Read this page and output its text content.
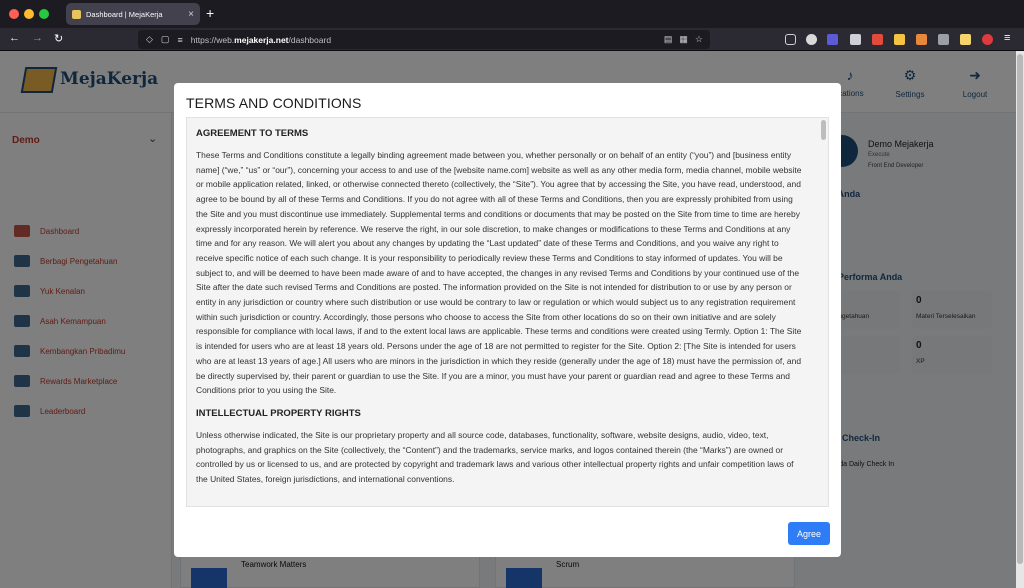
Dashboard | MejaKerja	× +
← → ↻	◇ ▢ ≡ https://web.mejakerja.net/dashboard	▤ ▦ ☆	≡
TERMS AND CONDITIONS
AGREEMENT TO TERMS

These Terms and Conditions constitute a legally binding agreement made between you, whether personally or on behalf of an entity (“you”) and [business entity name] (“we,” “us” or “our”), concerning your access to and use of the [website name.com] website as well as any other media form, media channel, mobile website or mobile application related, linked, or otherwise connected thereto (collectively, the “Site”). You agree that by accessing the Site, you have read, understood, and agree to be bound by all of these Terms and Conditions. If you do not agree with all of these Terms and Conditions, then you are expressly prohibited from using the Site and you must discontinue use immediately. Supplemental terms and conditions or documents that may be posted on the Site from time to time are hereby expressly incorporated herein by reference. We reserve the right, in our sole discretion, to make changes or modifications to these Terms and Conditions at any time and for any reason. We will alert you about any changes by updating the “Last updated” date of these Terms and Conditions, and you waive any right to receive specific notice of each such change. It is your responsibility to periodically review these Terms and Conditions to stay informed of updates. You will be subject to, and will be deemed to have been made aware of and to have accepted, the changes in any revised Terms and Conditions by your continued use of the Site after the date such revised Terms and Conditions are posted. The information provided on the Site is not intended for distribution to or use by any person or entity in any jurisdiction or country where such distribution or use would be contrary to law or regulation or which would subject us to any registration requirement within such jurisdiction or country. Accordingly, those persons who choose to access the Site from other locations do so on their own initiative and are solely responsible for compliance with local laws, if and to the extent local laws are applicable. These terms and conditions were created using Termly. Option 1: The Site is intended for users who are at least 18 years old. Persons under the age of 18 are not permitted to register for the Site. Option 2: [The Site is intended for users who are at least 13 years of age.] All users who are minors in the jurisdiction in which they reside (generally under the age of 18) must have the permission of, and be directly supervised by, their parent or guardian to use the Site. If you are a minor, you must have your parent or guardian read and agree to these Terms and Conditions prior to you using the Site.

INTELLECTUAL PROPERTY RIGHTS

Unless otherwise indicated, the Site is our proprietary property and all source code, databases, functionality, software, website designs, audio, video, text, photographs, and graphics on the Site (collectively, the “Content”) and the trademarks, service marks, and logos contained therein (the “Marks”) are owned or controlled by us or licensed to us, and are protected by copyright and trademark laws and various other intellectual property rights and unfair competition laws of the United States, foreign jurisdictions, and international conventions.

Agree
